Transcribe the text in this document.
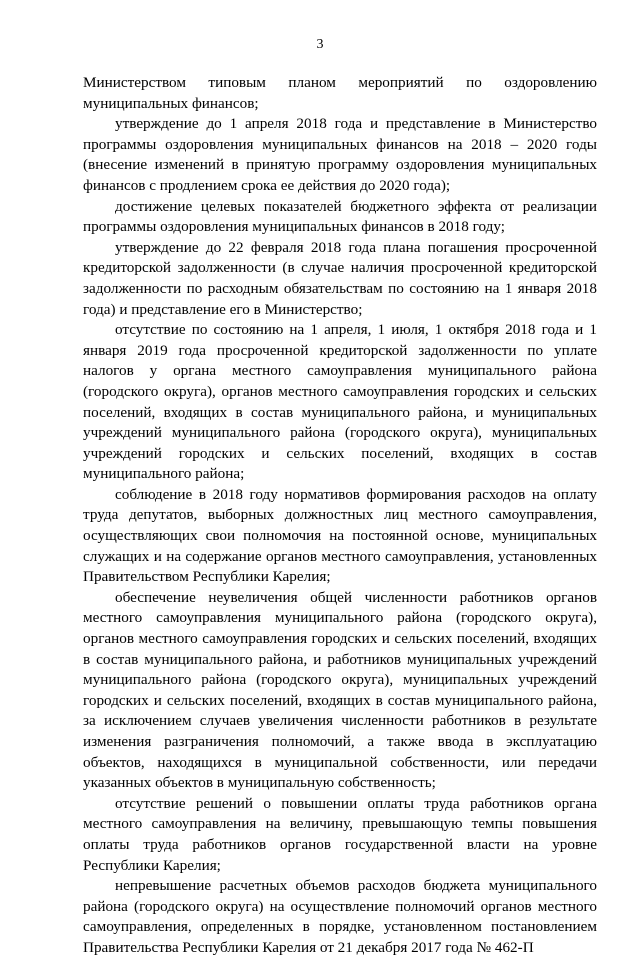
3

Министерством типовым планом мероприятий по оздоровлению муниципальных финансов;

утверждение до 1 апреля 2018 года и представление в Министерство программы оздоровления муниципальных финансов на 2018 – 2020 годы (внесение изменений в принятую программу оздоровления муниципальных финансов с продлением срока ее действия до 2020 года);

достижение целевых показателей бюджетного эффекта от реализации программы оздоровления муниципальных финансов в 2018 году;

утверждение до 22 февраля 2018 года плана погашения просроченной кредиторской задолженности (в случае наличия просроченной кредиторской задолженности по расходным обязательствам по состоянию на 1 января 2018 года) и представление его в Министерство;

отсутствие по состоянию на 1 апреля, 1 июля, 1 октября 2018 года и 1 января 2019 года просроченной кредиторской задолженности по уплате налогов у органа местного самоуправления муниципального района (городского округа), органов местного самоуправления городских и сельских поселений, входящих в состав муниципального района, и муниципальных учреждений муниципального района (городского округа), муниципальных учреждений городских и сельских поселений, входящих в состав муниципального района;

соблюдение в 2018 году нормативов формирования расходов на оплату труда депутатов, выборных должностных лиц местного самоуправления, осуществляющих свои полномочия на постоянной основе, муниципальных служащих и на содержание органов местного самоуправления, установленных Правительством Республики Карелия;

обеспечение неувеличения общей численности работников органов местного самоуправления муниципального района (городского округа), органов местного самоуправления городских и сельских поселений, входящих в состав муниципального района, и работников муниципальных учреждений муниципального района (городского округа), муниципальных учреждений городских и сельских поселений, входящих в состав муниципального района, за исключением случаев увеличения численности работников в результате изменения разграничения полномочий, а также ввода в эксплуатацию объектов, находящихся в муниципальной собственности, или передачи указанных объектов в муниципальную собственность;

отсутствие решений о повышении оплаты труда работников органа местного самоуправления на величину, превышающую темпы повышения оплаты труда работников органов государственной власти на уровне Республики Карелия;

непревышение расчетных объемов расходов бюджета муниципального района (городского округа) на осуществление полномочий органов местного самоуправления, определенных в порядке, установленном постановлением Правительства Республики Карелия от 21 декабря 2017 года № 462-П
